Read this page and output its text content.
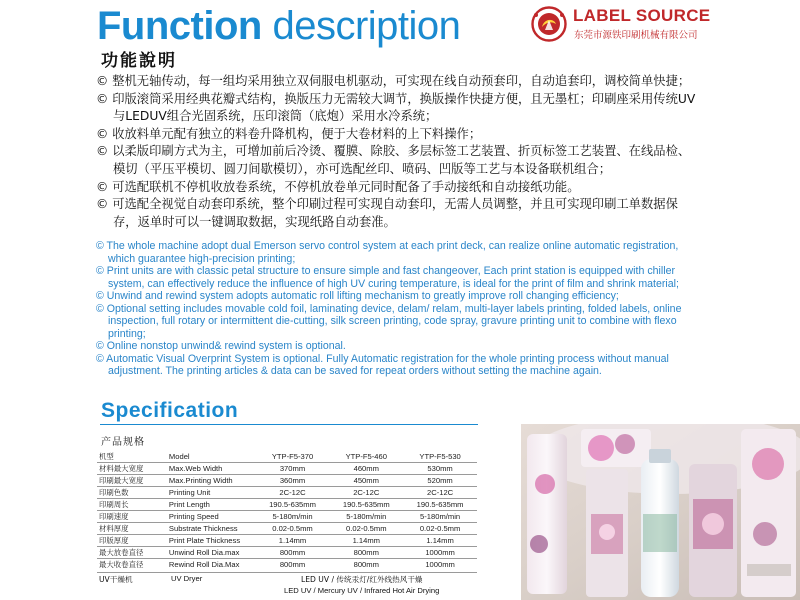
Function description	LABEL SOURCE
东莞市源铁印刷机械有限公司
功能說明
© 整机无轴传动，每一组均采用独立双伺服电机驱动，可实现在线自动预套印，自动追套印，调校简单快捷；
© 印版滚筒采用经典花瓣式结构，换版压力无需较大调节，换版操作快捷方便，且无墨杠；印刷座采用传统UV与LEDUV组合光固系统，压印滚筒（底炮）采用水冷系统；
© 收放料单元配有独立的料卷升降机构，便于大卷材料的上下料操作；
© 以柔版印刷方式为主，可增加前后冷烫、覆膜、除胶、多层标签工艺装置、折页标签工艺装置、在线品检、模切（平压平模切、圆刀间歇模切），亦可选配丝印、喷码、凹版等工艺与本设备联机组合；
© 可选配联机不停机收放卷系统，不停机放卷单元同时配备了手动接纸和自动接纸功能。
© 可选配全视觉自动套印系统，整个印刷过程可实现自动套印，无需人员调整，并且可实现印刷工单数据保存，返单时可以一键调取数据，实现纸路自动套准。
© The whole machine adopt dual Emerson servo control system at each print deck, can realize online automatic registration, which guarantee high-precision printing;
© Print units are with classic petal structure to ensure simple and fast changeover, Each print station is equipped with chiller system, can effectively reduce the influence of high UV curing temperature, is ideal for the print of film and shrink material;
© Unwind and rewind system adopts automatic roll lifting mechanism to greatly improve roll changing efficiency;
© Optional setting includes movable cold foil, laminating device, delam/ relam, multi-layer labels printing, folded labels, online inspection, full rotary or intermittent die-cutting, silk screen printing, code spray, gravure printing unit to combine with flexo printing;
© Online nonstop unwind& rewind system is optional.
© Automatic Visual Overprint System is optional. Fully Automatic registration for the whole printing process without manual adjustment. The printing articles & data can be saved for repeat orders without setting the machine again.
Specification
产品规格
机型	Model	YTP-F5-370	YTP-F5-460	YTP-F5-530
材料最大宽度	Max.Web Width	370mm	460mm	530mm
印刷最大宽度	Max.Printing Width	360mm	450mm	520mm
印刷色数	Printing Unit	2C-12C	2C-12C	2C-12C
印刷周长	Print Length	190.5-635mm	190.5-635mm	190.5-635mm
印刷速度	Printing Speed	5-180m/min	5-180m/min	5-180m/min
材料厚度	Substrate Thickness	0.02-0.5mm	0.02-0.5mm	0.02-0.5mm
印版厚度	Print Plate Thickness	1.14mm	1.14mm	1.14mm
最大放卷直径	Unwind Roll Dia.max	800mm	800mm	1000mm
最大收卷直径	Rewind Roll Dia.Max	800mm	800mm	1000mm
UV干燥机	UV Dryer	LED UV / 传统汞灯/红外线热风干燥
LED UV / Mercury UV / Infrared Hot Air Drying
